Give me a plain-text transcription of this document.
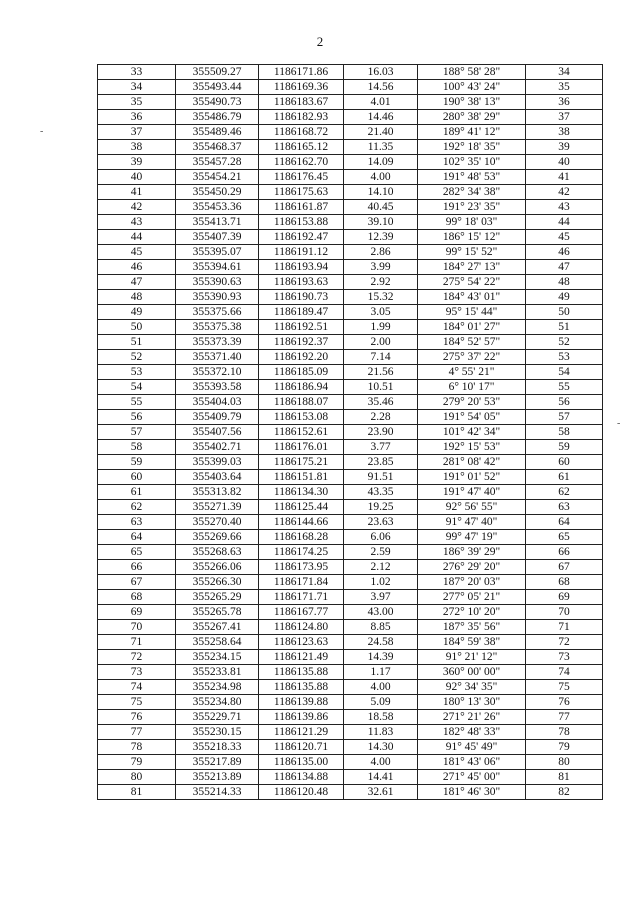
2
-
-
33	355509.27	1186171.86	16.03	188° 58' 28"	34
34	355493.44	1186169.36	14.56	100° 43' 24"	35
35	355490.73	1186183.67	4.01	190° 38' 13"	36
36	355486.79	1186182.93	14.46	280° 38' 29"	37
37	355489.46	1186168.72	21.40	189° 41' 12"	38
38	355468.37	1186165.12	11.35	192° 18' 35"	39
39	355457.28	1186162.70	14.09	102° 35' 10"	40
40	355454.21	1186176.45	4.00	191° 48' 53"	41
41	355450.29	1186175.63	14.10	282° 34' 38"	42
42	355453.36	1186161.87	40.45	191° 23' 35"	43
43	355413.71	1186153.88	39.10	99° 18' 03"	44
44	355407.39	1186192.47	12.39	186° 15' 12"	45
45	355395.07	1186191.12	2.86	99° 15' 52"	46
46	355394.61	1186193.94	3.99	184° 27' 13"	47
47	355390.63	1186193.63	2.92	275° 54' 22"	48
48	355390.93	1186190.73	15.32	184° 43' 01"	49
49	355375.66	1186189.47	3.05	95° 15' 44"	50
50	355375.38	1186192.51	1.99	184° 01' 27"	51
51	355373.39	1186192.37	2.00	184° 52' 57"	52
52	355371.40	1186192.20	7.14	275° 37' 22"	53
53	355372.10	1186185.09	21.56	4° 55' 21"	54
54	355393.58	1186186.94	10.51	6° 10' 17"	55
55	355404.03	1186188.07	35.46	279° 20' 53"	56
56	355409.79	1186153.08	2.28	191° 54' 05"	57
57	355407.56	1186152.61	23.90	101° 42' 34"	58
58	355402.71	1186176.01	3.77	192° 15' 53"	59
59	355399.03	1186175.21	23.85	281° 08' 42"	60
60	355403.64	1186151.81	91.51	191° 01' 52"	61
61	355313.82	1186134.30	43.35	191° 47' 40"	62
62	355271.39	1186125.44	19.25	92° 56' 55"	63
63	355270.40	1186144.66	23.63	91° 47' 40"	64
64	355269.66	1186168.28	6.06	99° 47' 19"	65
65	355268.63	1186174.25	2.59	186° 39' 29"	66
66	355266.06	1186173.95	2.12	276° 29' 20"	67
67	355266.30	1186171.84	1.02	187° 20' 03"	68
68	355265.29	1186171.71	3.97	277° 05' 21"	69
69	355265.78	1186167.77	43.00	272° 10' 20"	70
70	355267.41	1186124.80	8.85	187° 35' 56"	71
71	355258.64	1186123.63	24.58	184° 59' 38"	72
72	355234.15	1186121.49	14.39	91° 21' 12"	73
73	355233.81	1186135.88	1.17	360° 00' 00"	74
74	355234.98	1186135.88	4.00	92° 34' 35"	75
75	355234.80	1186139.88	5.09	180° 13' 30"	76
76	355229.71	1186139.86	18.58	271° 21' 26"	77
77	355230.15	1186121.29	11.83	182° 48' 33"	78
78	355218.33	1186120.71	14.30	91° 45' 49"	79
79	355217.89	1186135.00	4.00	181° 43' 06"	80
80	355213.89	1186134.88	14.41	271° 45' 00"	81
81	355214.33	1186120.48	32.61	181° 46' 30"	82
